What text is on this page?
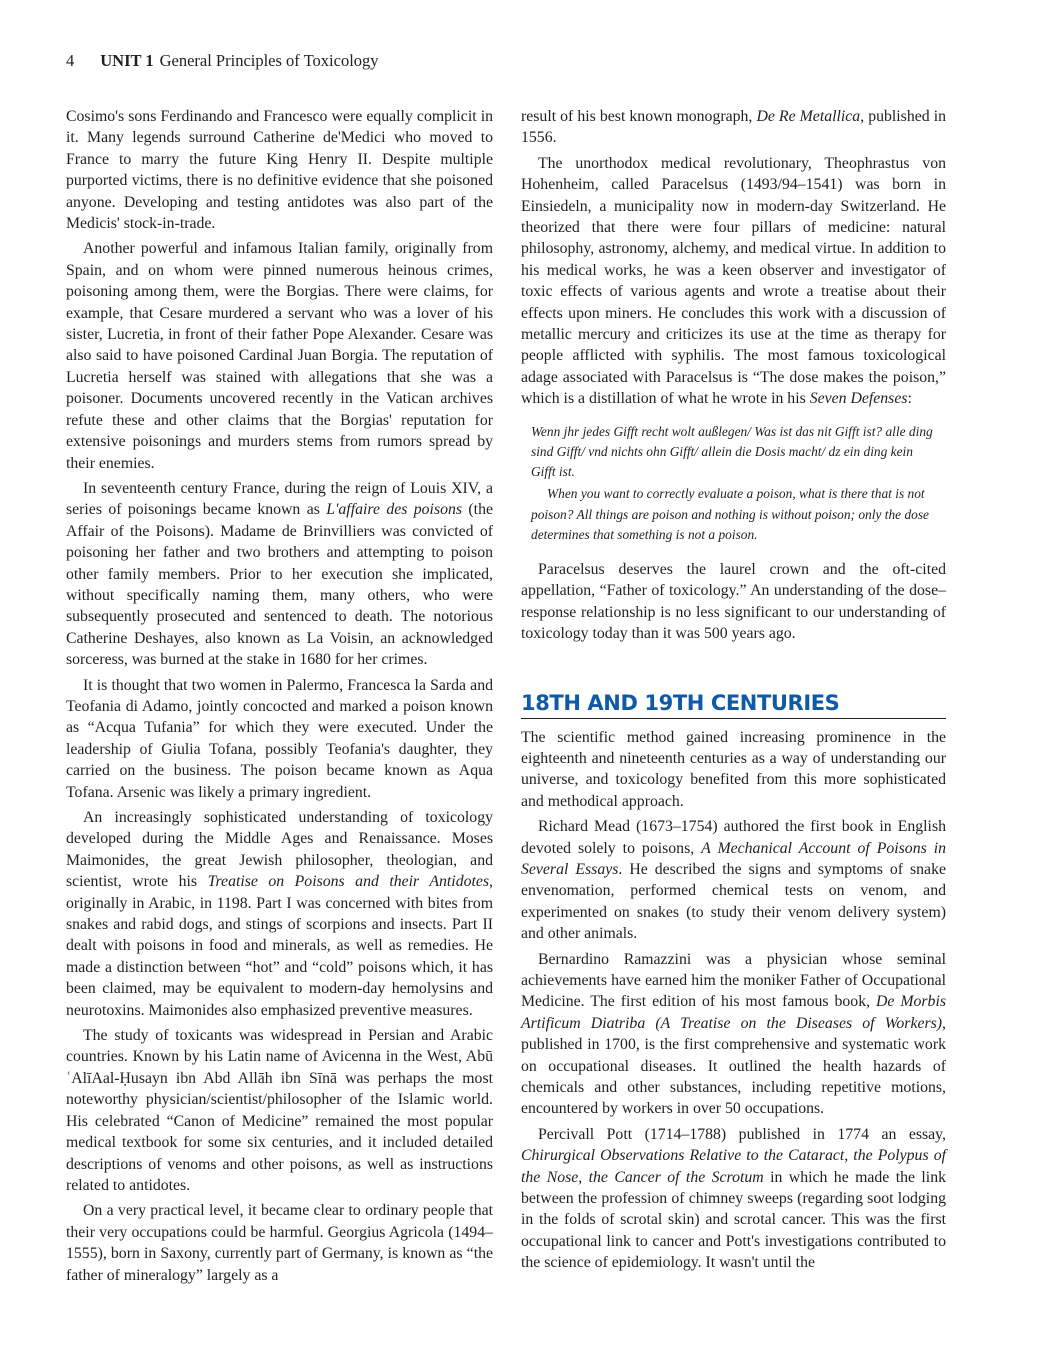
4 UNIT 1 General Principles of Toxicology

Cosimo's sons Ferdinando and Francesco were equally complicit in it. Many legends surround Catherine de'Medici who moved to France to marry the future King Henry II. Despite multiple purported victims, there is no definitive evidence that she poisoned anyone. Developing and testing antidotes was also part of the Medicis' stock-in-trade.

Another powerful and infamous Italian family, originally from Spain, and on whom were pinned numerous heinous crimes, poisoning among them, were the Borgias. There were claims, for example, that Cesare murdered a servant who was a lover of his sister, Lucretia, in front of their father Pope Alexander. Cesare was also said to have poisoned Cardinal Juan Borgia. The reputation of Lucretia herself was stained with allegations that she was a poisoner. Documents uncovered recently in the Vatican archives refute these and other claims that the Borgias' reputation for extensive poisonings and murders stems from rumors spread by their enemies.

In seventeenth century France, during the reign of Louis XIV, a series of poisonings became known as L'affaire des poisons (the Affair of the Poisons). Madame de Brinvilliers was convicted of poisoning her father and two brothers and attempting to poison other family members. Prior to her execution she implicated, without specifically naming them, many others, who were subsequently prosecuted and sentenced to death. The notorious Catherine Deshayes, also known as La Voisin, an acknowledged sorceress, was burned at the stake in 1680 for her crimes.

It is thought that two women in Palermo, Francesca la Sarda and Teofania di Adamo, jointly concocted and marked a poison known as “Acqua Tufania” for which they were executed. Under the leadership of Giulia Tofana, possibly Teofania's daughter, they carried on the business. The poison became known as Aqua Tofana. Arsenic was likely a primary ingredient.

An increasingly sophisticated understanding of toxicology developed during the Middle Ages and Renaissance. Moses Maimonides, the great Jewish philosopher, theologian, and scientist, wrote his Treatise on Poisons and their Antidotes, originally in Arabic, in 1198. Part I was concerned with bites from snakes and rabid dogs, and stings of scorpions and insects. Part II dealt with poisons in food and minerals, as well as remedies. He made a distinction between “hot” and “cold” poisons which, it has been claimed, may be equivalent to modern-day hemolysins and neurotoxins. Maimonides also emphasized preventive measures.

The study of toxicants was widespread in Persian and Arabic countries. Known by his Latin name of Avicenna in the West, Abū ʿAlīAal-Ḥusayn ibn Abd Allāh ibn Sīnā was perhaps the most noteworthy physician/scientist/philosopher of the Islamic world. His celebrated “Canon of Medicine” remained the most popular medical textbook for some six centuries, and it included detailed descriptions of venoms and other poisons, as well as instructions related to antidotes.

On a very practical level, it became clear to ordinary people that their very occupations could be harmful. Georgius Agricola (1494–1555), born in Saxony, currently part of Germany, is known as “the father of mineralogy” largely as a

result of his best known monograph, De Re Metallica, published in 1556.

The unorthodox medical revolutionary, Theophrastus von Hohenheim, called Paracelsus (1493/94–1541) was born in Einsiedeln, a municipality now in modern-day Switzerland. He theorized that there were four pillars of medicine: natural philosophy, astronomy, alchemy, and medical virtue. In addition to his medical works, he was a keen observer and investigator of toxic effects of various agents and wrote a treatise about their effects upon miners. He concludes this work with a discussion of metallic mercury and criticizes its use at the time as therapy for people afflicted with syphilis. The most famous toxicological adage associated with Paracelsus is “The dose makes the poison,” which is a distillation of what he wrote in his Seven Defenses:

Wenn jhr jedes Gifft recht wolt außlegen/ Was ist das nit Gifft ist? alle ding sind Gifft/ vnd nichts ohn Gifft/ allein die Dosis macht/ dz ein ding kein Gifft ist.
When you want to correctly evaluate a poison, what is there that is not poison? All things are poison and nothing is without poison; only the dose determines that something is not a poison.

Paracelsus deserves the laurel crown and the oft-cited appellation, “Father of toxicology.” An understanding of the dose–response relationship is no less significant to our understanding of toxicology today than it was 500 years ago.

18TH AND 19TH CENTURIES

The scientific method gained increasing prominence in the eighteenth and nineteenth centuries as a way of understanding our universe, and toxicology benefited from this more sophisticated and methodical approach.

Richard Mead (1673–1754) authored the first book in English devoted solely to poisons, A Mechanical Account of Poisons in Several Essays. He described the signs and symptoms of snake envenomation, performed chemical tests on venom, and experimented on snakes (to study their venom delivery system) and other animals.

Bernardino Ramazzini was a physician whose seminal achievements have earned him the moniker Father of Occupational Medicine. The first edition of his most famous book, De Morbis Artificum Diatriba (A Treatise on the Diseases of Workers), published in 1700, is the first comprehensive and systematic work on occupational diseases. It outlined the health hazards of chemicals and other substances, including repetitive motions, encountered by workers in over 50 occupations.

Percivall Pott (1714–1788) published in 1774 an essay, Chirurgical Observations Relative to the Cataract, the Polypus of the Nose, the Cancer of the Scrotum in which he made the link between the profession of chimney sweeps (regarding soot lodging in the folds of scrotal skin) and scrotal cancer. This was the first occupational link to cancer and Pott's investigations contributed to the science of epidemiology. It wasn't until the
